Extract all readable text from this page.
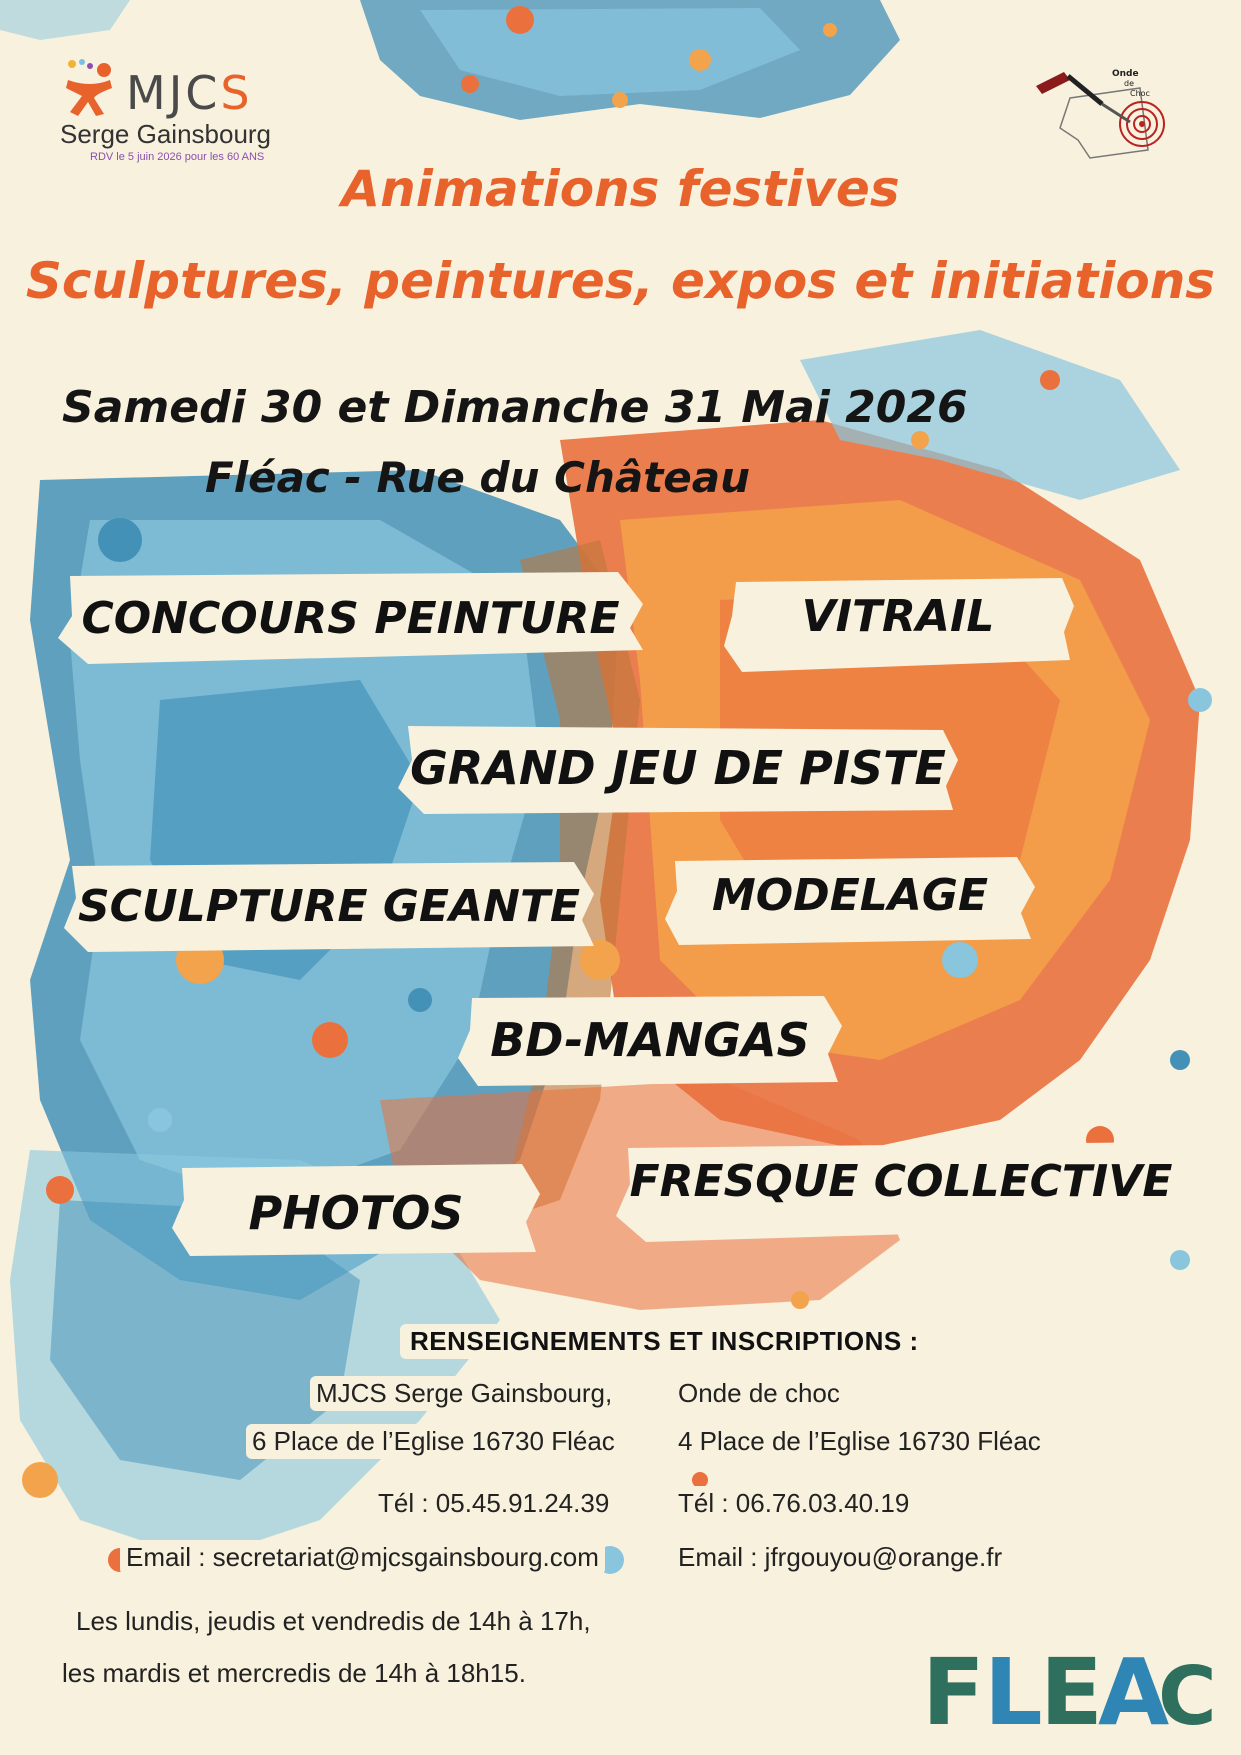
MJCS
Serge Gainsbourg
RDV le 5 juin 2026 pour les 60 ANS
Onde
de
Choc
Animations festives
Sculptures, peintures, expos et initiations
Samedi 30 et Dimanche 31 Mai 2026
Fléac - Rue du Château
CONCOURS PEINTURE	VITRAIL
GRAND JEU DE PISTE
SCULPTURE GEANTE	MODELAGE
BD-MANGAS
PHOTOS
FRESQUE COLLECTIVE
RENSEIGNEMENTS ET INSCRIPTIONS :
MJCS Serge Gainsbourg,
6 Place de l’Eglise 16730 Fléac
Tél : 05.45.91.24.39
Email : secretariat@mjcsgainsbourg.com
Les lundis, jeudis et vendredis de 14h à 17h,
les mardis et mercredis de 14h à 18h15.
Onde de choc
4 Place de l’Eglise 16730 Fléac
Tél : 06.76.03.40.19
Email : jfrgouyou@orange.fr
F L
E
A
C
